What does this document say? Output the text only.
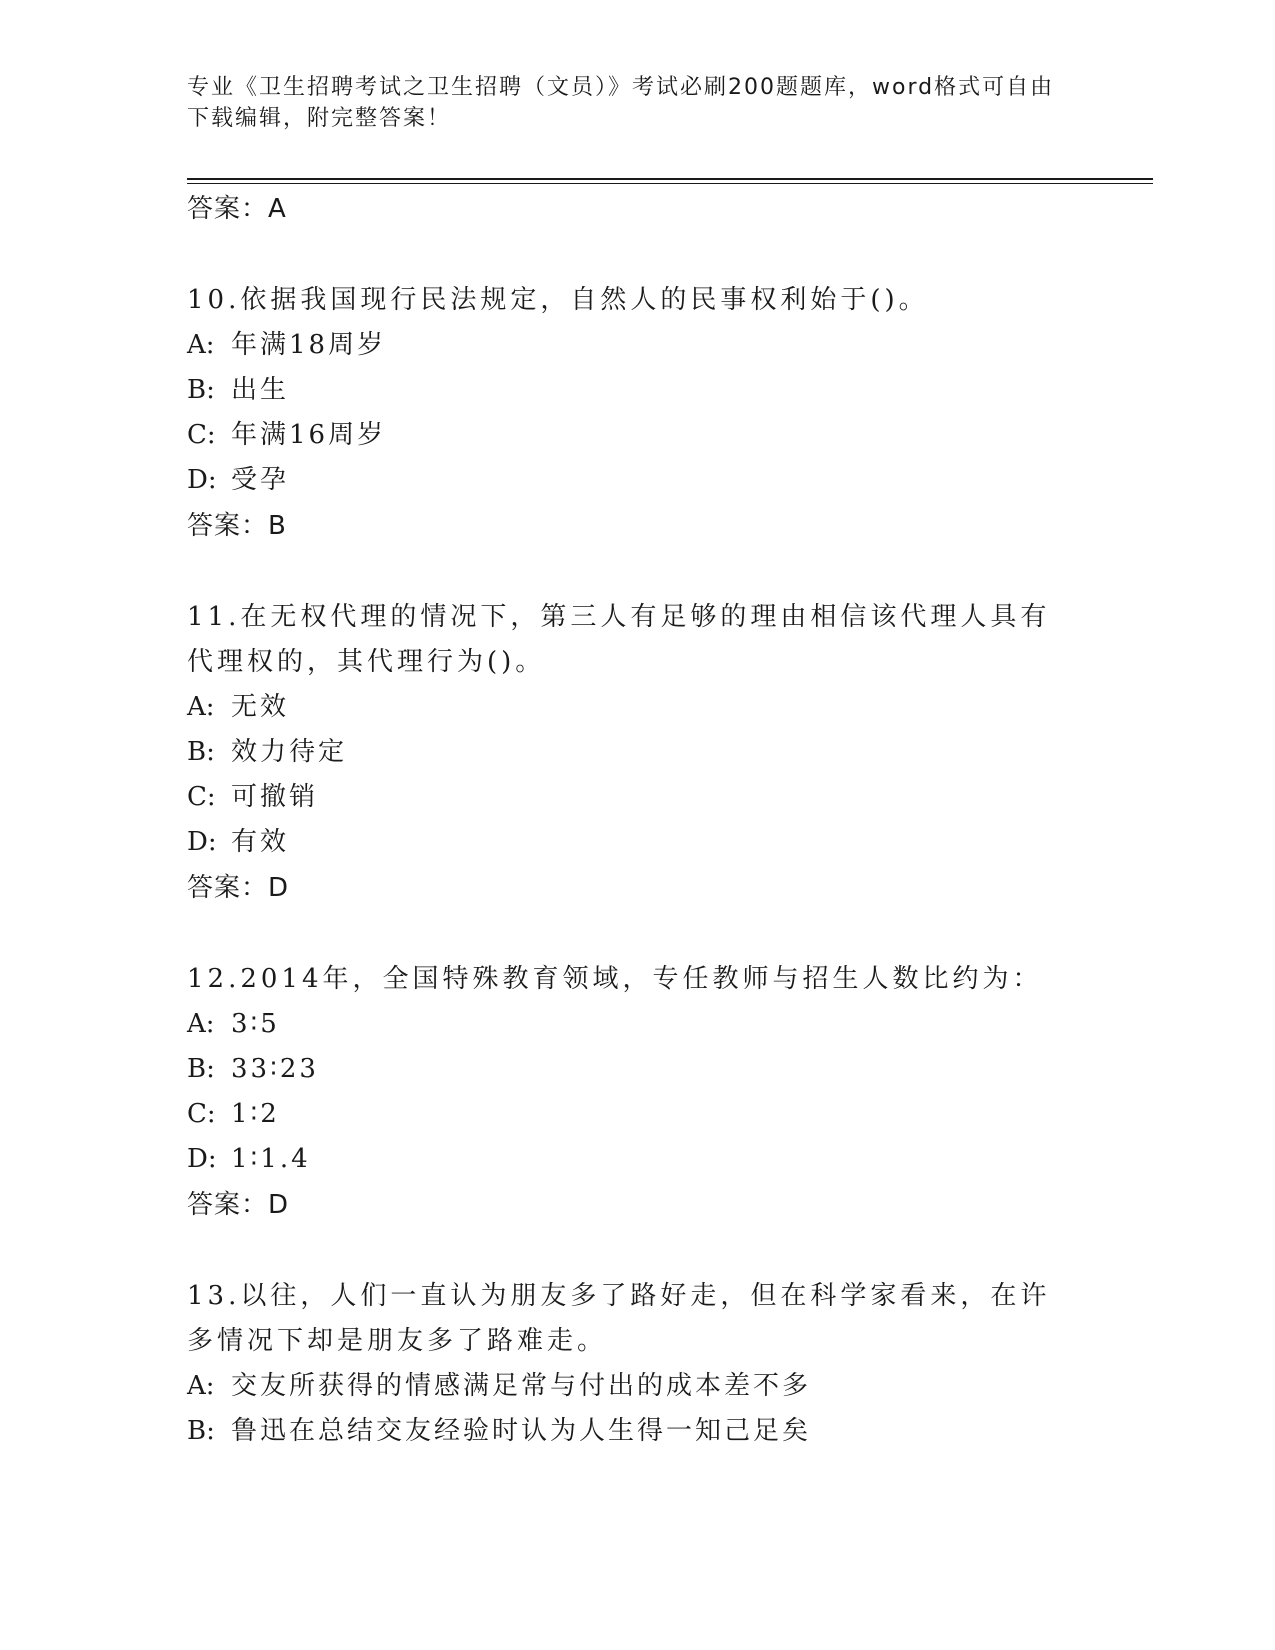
专业《卫生招聘考试之卫生招聘（文员）》考试必刷200题题库，word格式可自由下载编辑，附完整答案！
答案：A
10.依据我国现行民法规定，自然人的民事权利始于()。
A: 年满18周岁
B: 出生
C: 年满16周岁
D: 受孕
答案：B
11.在无权代理的情况下，第三人有足够的理由相信该代理人具有代理权的，其代理行为()。
A: 无效
B: 效力待定
C: 可撤销
D: 有效
答案：D
12.2014年，全国特殊教育领域，专任教师与招生人数比约为：
A: 3∶5
B: 33∶23
C: 1∶2
D: 1∶1.4
答案：D
13.以往，人们一直认为朋友多了路好走，但在科学家看来，在许多情况下却是朋友多了路难走。
A: 交友所获得的情感满足常与付出的成本差不多
B: 鲁迅在总结交友经验时认为人生得一知己足矣
